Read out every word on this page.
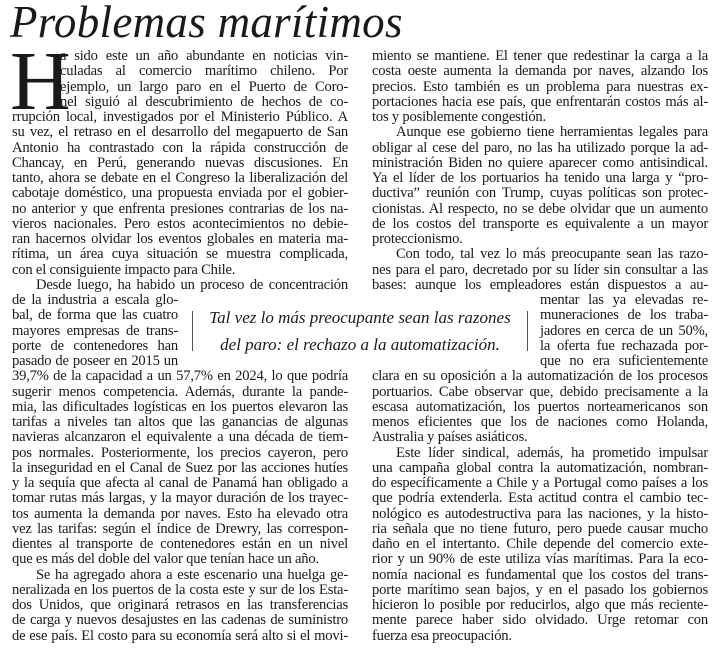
Problemas marítimos
a sido este un año abundante en noticias vin-
culadas al comercio marítimo chileno. Por
ejemplo, un largo paro en el Puerto de Coro-
nel siguió al descubrimiento de hechos de co-
rrupción local, investigados por el Ministerio Público. A
su vez, el retraso en el desarrollo del megapuerto de San
Antonio ha contrastado con la rápida construcción de
Chancay, en Perú, generando nuevas discusiones. En
tanto, ahora se debate en el Congreso la liberalización del
cabotaje doméstico, una propuesta enviada por el gobier-
no anterior y que enfrenta presiones contrarias de los na-
vieros nacionales. Pero estos acontecimientos no debie-
ran hacernos olvidar los eventos globales en materia ma-
rítima, un área cuya situación se muestra complicada,
con el consiguiente impacto para Chile.
Desde luego, ha habido un proceso de concentración
de la industria a escala glo-
bal, de forma que las cuatro
mayores empresas de trans-
porte de contenedores han
pasado de poseer en 2015 un
39,7% de la capacidad a un 57,7% en 2024, lo que podría
sugerir menos competencia. Además, durante la pande-
mia, las dificultades logísticas en los puertos elevaron las
tarifas a niveles tan altos que las ganancias de algunas
navieras alcanzaron el equivalente a una década de tiem-
pos normales. Posteriormente, los precios cayeron, pero
la inseguridad en el Canal de Suez por las acciones hutíes
y la sequía que afecta al canal de Panamá han obligado a
tomar rutas más largas, y la mayor duración de los trayec-
tos aumenta la demanda por naves. Esto ha elevado otra
vez las tarifas: según el índice de Drewry, las correspon-
dientes al transporte de contenedores están en un nivel
que es más del doble del valor que tenían hace un año.
Se ha agregado ahora a este escenario una huelga ge-
neralizada en los puertos de la costa este y sur de los Esta-
dos Unidos, que originará retrasos en las transferencias
de carga y nuevos desajustes en las cadenas de suministro
de ese país. El costo para su economía será alto si el movi-
miento se mantiene. El tener que redestinar la carga a la
costa oeste aumenta la demanda por naves, alzando los
precios. Esto también es un problema para nuestras ex-
portaciones hacia ese país, que enfrentarán costos más al-
tos y posiblemente congestión.
Aunque ese gobierno tiene herramientas legales para
obligar al cese del paro, no las ha utilizado porque la ad-
ministración Biden no quiere aparecer como antisindical.
Ya el líder de los portuarios ha tenido una larga y “pro-
ductiva” reunión con Trump, cuyas políticas son protec-
cionistas. Al respecto, no se debe olvidar que un aumento
de los costos del transporte es equivalente a un mayor
proteccionismo.
Con todo, tal vez lo más preocupante sean las razo-
nes para el paro, decretado por su líder sin consultar a las
bases: aunque los empleadores están dispuestos a au-
mentar las ya elevadas re-
muneraciones de los traba-
jadores en cerca de un 50%,
la oferta fue rechazada por-
que no era suficientemente
clara en su oposición a la automatización de los procesos
portuarios. Cabe observar que, debido precisamente a la
escasa automatización, los puertos norteamericanos son
menos eficientes que los de naciones como Holanda,
Australia y países asiáticos.
Este líder sindical, además, ha prometido impulsar
una campaña global contra la automatización, nombran-
do específicamente a Chile y a Portugal como países a los
que podría extenderla. Esta actitud contra el cambio tec-
nológico es autodestructiva para las naciones, y la histo-
ria señala que no tiene futuro, pero puede causar mucho
daño en el intertanto. Chile depende del comercio exte-
rior y un 90% de este utiliza vías marítimas. Para la eco-
nomía nacional es fundamental que los costos del trans-
porte marítimo sean bajos, y en el pasado los gobiernos
hicieron lo posible por reducirlos, algo que más reciente-
mente parece haber sido olvidado. Urge retomar con
fuerza esa preocupación.
H
Tal vez lo más preocupante sean las razones
del paro: el rechazo a la automatización.
